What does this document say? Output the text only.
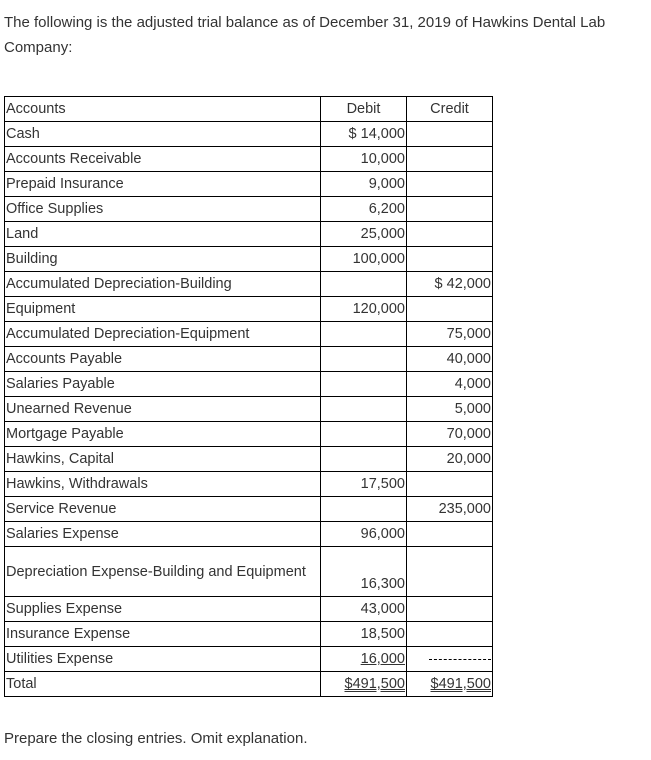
The following is the adjusted trial balance as of December 31, 2019 of Hawkins Dental Lab Company:

Accounts	Debit	Credit
Cash	$ 14,000	
Accounts Receivable	10,000	
Prepaid Insurance	9,000	
Office Supplies	6,200	
Land	25,000	
Building	100,000	
Accumulated Depreciation-Building		$ 42,000
Equipment	120,000	
Accumulated Depreciation-Equipment		75,000
Accounts Payable		40,000
Salaries Payable		4,000
Unearned Revenue		5,000
Mortgage Payable		70,000
Hawkins, Capital		20,000
Hawkins, Withdrawals	17,500	
Service Revenue		235,000
Salaries Expense	96,000	
Depreciation Expense-Building and Equipment	16,300	
Supplies Expense	43,000	
Insurance Expense	18,500	
Utilities Expense	16,000	
Total	$491,500	$491,500

Prepare the closing entries. Omit explanation.
